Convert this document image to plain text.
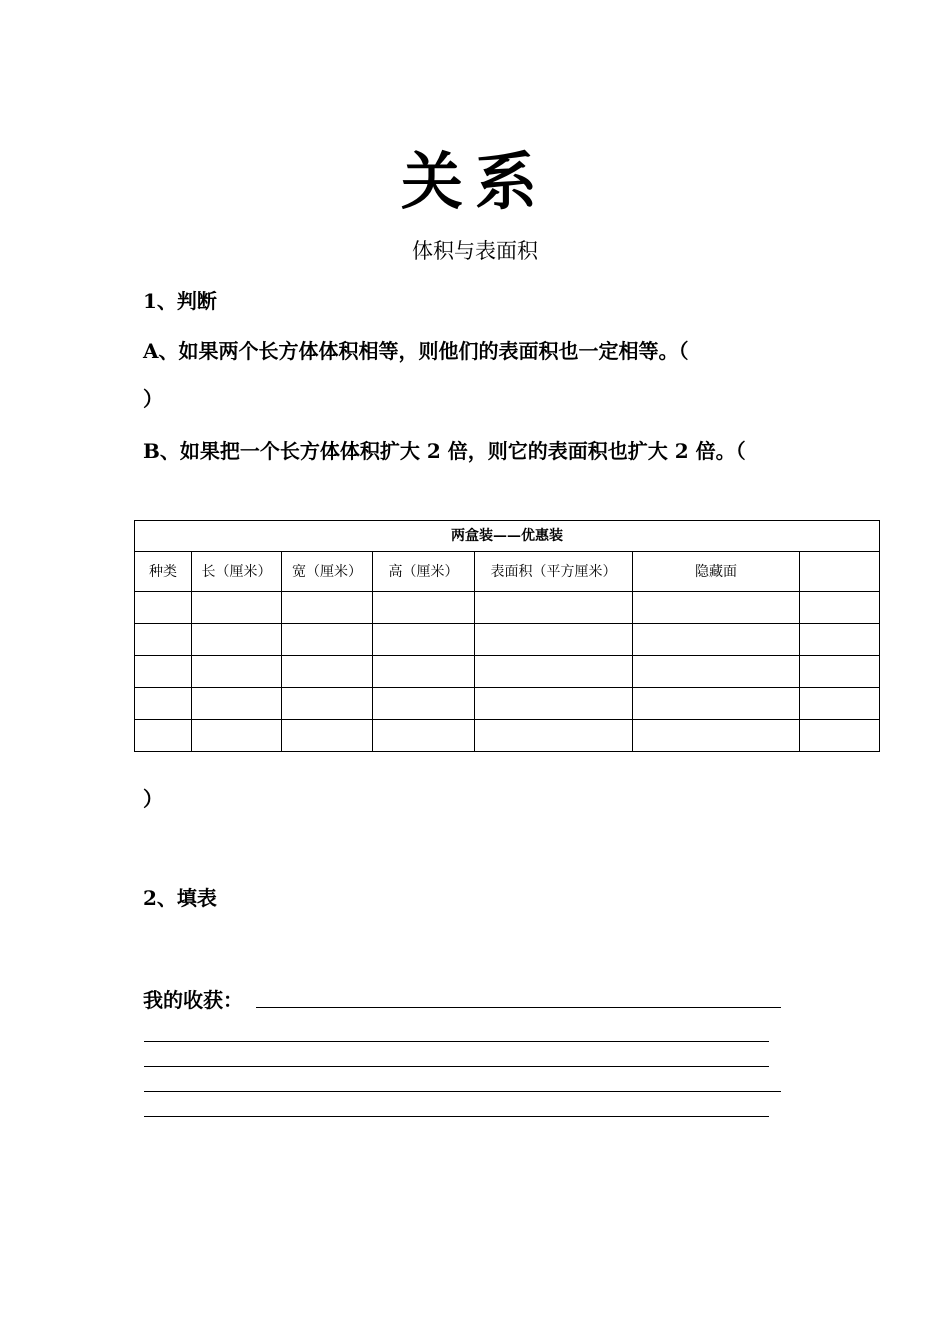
关系
体积与表面积
1、判断
A、如果两个长方体体积相等，则他们的表面积也一定相等。（
）
B、如果把一个长方体体积扩大 2 倍，则它的表面积也扩大 2 倍。（
两盒装——优惠装						
种类	长（厘米）	宽（厘米）	高（厘米）	表面积（平方厘米）	隐藏面	

）
2、填表
我的收获：
